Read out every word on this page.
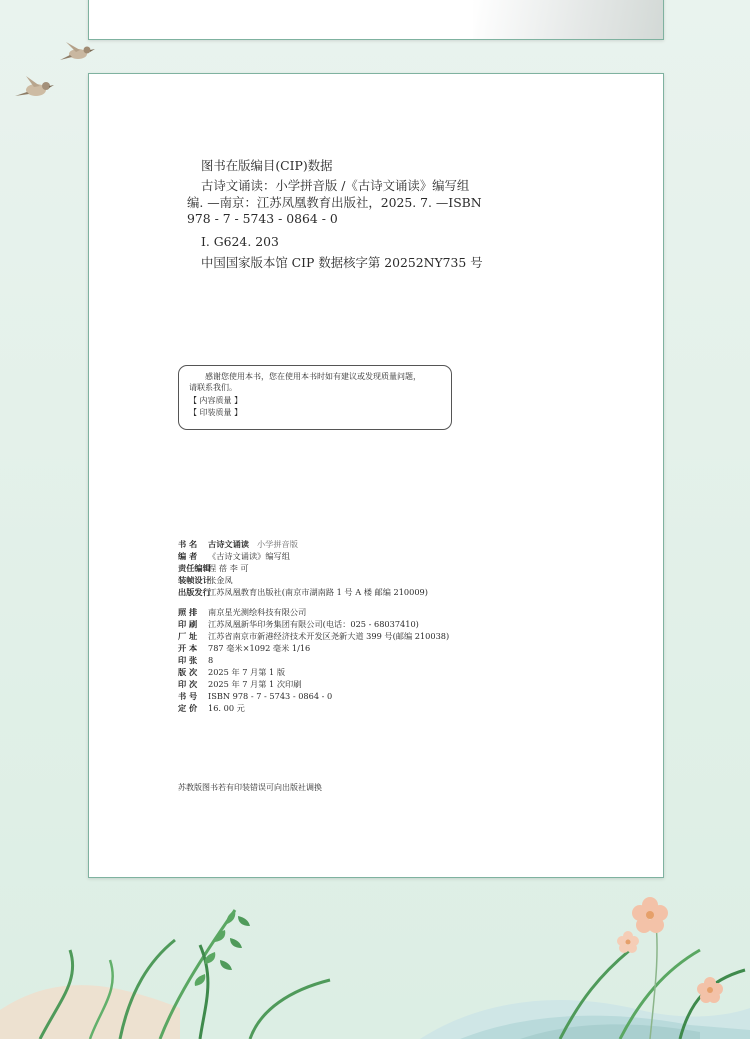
图书在版编目(CIP)数据
古诗文诵读：小学拼音版 /《古诗文诵读》编写组
编. —南京：江苏凤凰教育出版社，2025. 7. —ISBN
978 - 7 - 5743 - 0864 - 0
Ⅰ. G624. 203
中国国家版本馆 CIP 数据核字第 20252NY735 号
感谢您使用本书，您在使用本书时如有建议或发现质量问题，
请联系我们。
【 内容质量 】
【 印装质量 】
书 名 古诗文诵读 小学拼音版
编 者 《古诗文诵读》编写组
责任编辑
程 蓓 李 可
装帧设计
张金凤
出版发行
江苏凤凰教育出版社(南京市湖南路 1 号 A 楼 邮编 210009)
照 排 南京星光测绘科技有限公司
印 刷 江苏凤凰新华印务集团有限公司(电话：025 - 68037410)
厂 址 江苏省南京市新港经济技术开发区尧新大道 399 号(邮编 210038)
开 本 787 毫米×1092 毫米 1/16
印 张 8
版 次 2025 年 7 月第 1 版
印 次 2025 年 7 月第 1 次印刷
书 号 ISBN 978 - 7 - 5743 - 0864 - 0
定 价 16. 00 元
苏教版图书若有印装错误可向出版社调换
